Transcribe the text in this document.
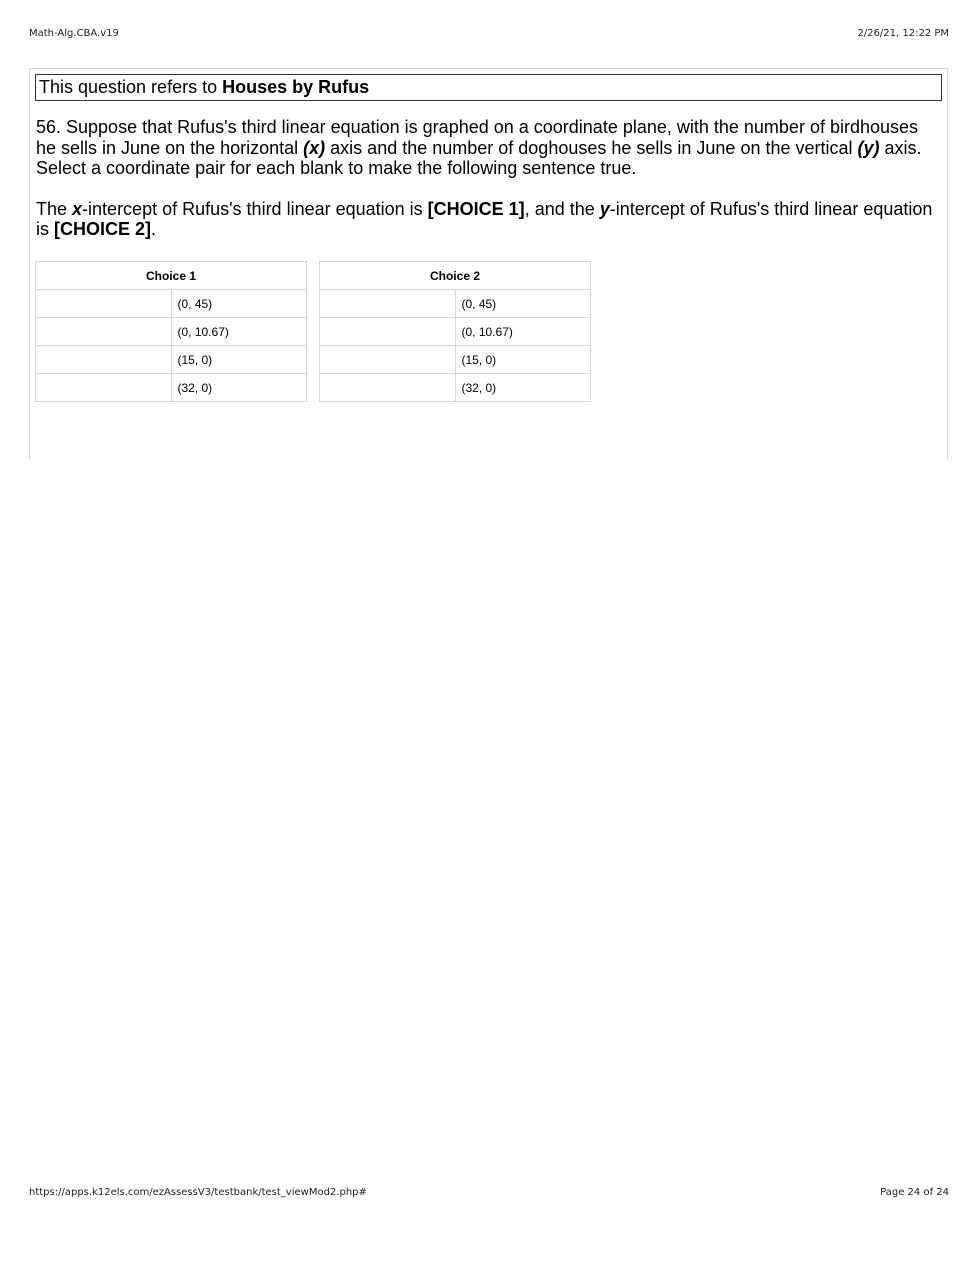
Math-Alg.CBA.v19	2/26/21, 12:22 PM
This question refers to Houses by Rufus

56. Suppose that Rufus's third linear equation is graphed on a coordinate plane, with the number of birdhouses he sells in June on the horizontal (x) axis and the number of doghouses he sells in June on the vertical (y) axis. Select a coordinate pair for each blank to make the following sentence true.

The x-intercept of Rufus's third linear equation is [CHOICE 1], and the y-intercept of Rufus's third linear equation is [CHOICE 2].

Choice 1	
	(0, 45)
	(0, 10.67)
	(15, 0)
	(32, 0)
Choice 2	
	(0, 45)
	(0, 10.67)
	(15, 0)
	(32, 0)
https://apps.k12els.com/ezAssessV3/testbank/test_viewMod2.php#	Page 24 of 24
